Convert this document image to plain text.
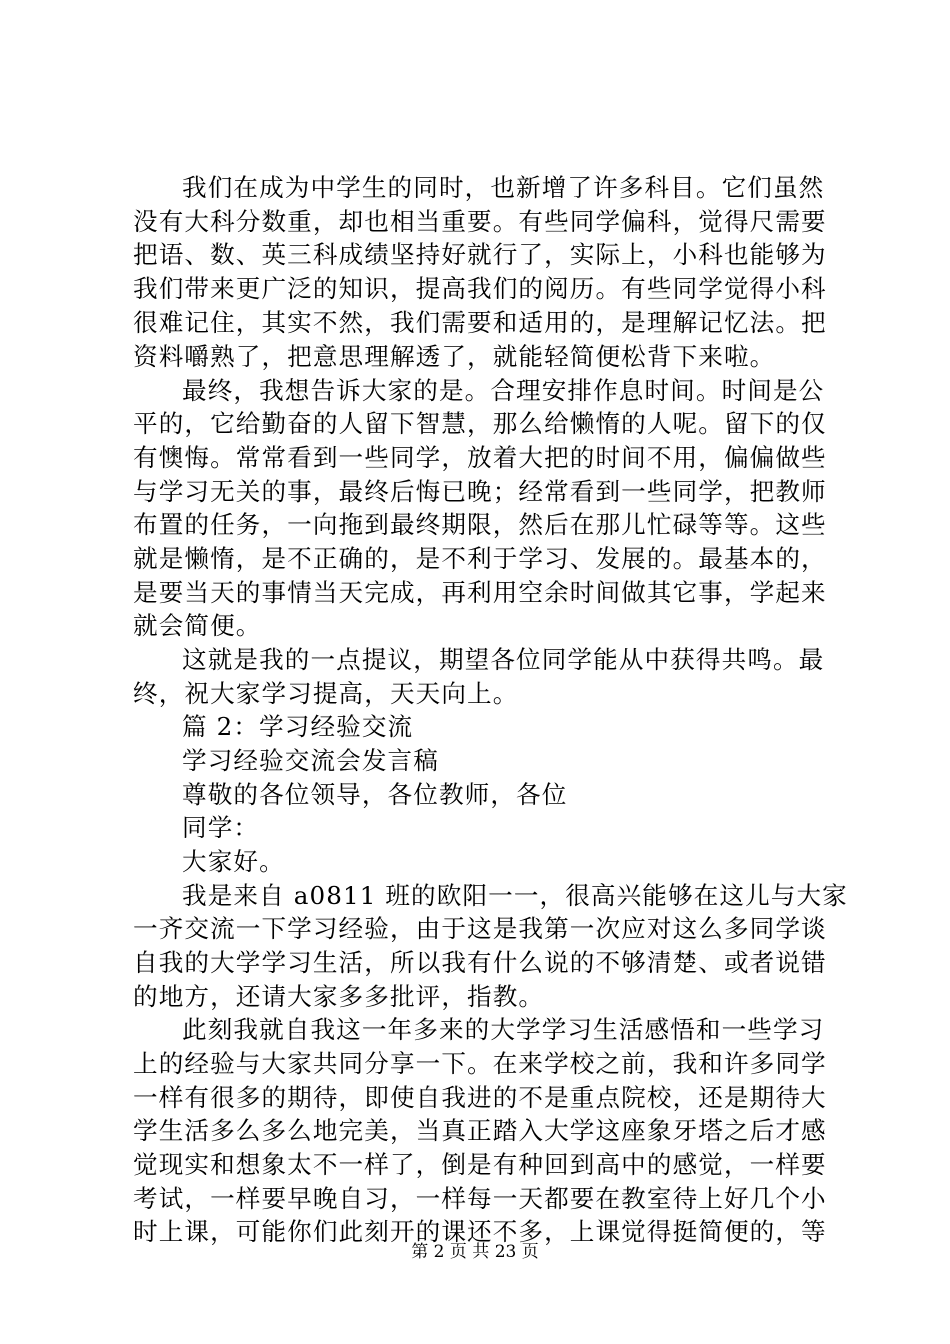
我们在成为中学生的同时，也新增了许多科目。它们虽然
没有大科分数重，却也相当重要。有些同学偏科，觉得尺需要
把语、数、英三科成绩坚持好就行了，实际上，小科也能够为
我们带来更广泛的知识，提高我们的阅历。有些同学觉得小科
很难记住，其实不然，我们需要和适用的，是理解记忆法。把
资料嚼熟了，把意思理解透了，就能轻简便松背下来啦。
最终，我想告诉大家的是。合理安排作息时间。时间是公
平的，它给勤奋的人留下智慧，那么给懒惰的人呢。留下的仅
有懊悔。常常看到一些同学，放着大把的时间不用，偏偏做些
与学习无关的事，最终后悔已晚；经常看到一些同学，把教师
布置的任务，一向拖到最终期限，然后在那儿忙碌等等。这些
就是懒惰，是不正确的，是不利于学习、发展的。最基本的，
是要当天的事情当天完成，再利用空余时间做其它事，学起来
就会简便。
这就是我的一点提议，期望各位同学能从中获得共鸣。最
终，祝大家学习提高，天天向上。
篇 2：学习经验交流
学习经验交流会发言稿
尊敬的各位领导，各位教师，各位
同学：
大家好。
我是来自 a0811 班的欧阳一一，很高兴能够在这儿与大家
一齐交流一下学习经验，由于这是我第一次应对这么多同学谈
自我的大学学习生活，所以我有什么说的不够清楚、或者说错
的地方，还请大家多多批评，指教。
此刻我就自我这一年多来的大学学习生活感悟和一些学习
上的经验与大家共同分享一下。在来学校之前，我和许多同学
一样有很多的期待，即使自我进的不是重点院校，还是期待大
学生活多么多么地完美，当真正踏入大学这座象牙塔之后才感
觉现实和想象太不一样了，倒是有种回到高中的感觉，一样要
考试，一样要早晚自习，一样每一天都要在教室待上好几个小
时上课，可能你们此刻开的课还不多，上课觉得挺简便的，等
第 2 页 共 23 页
